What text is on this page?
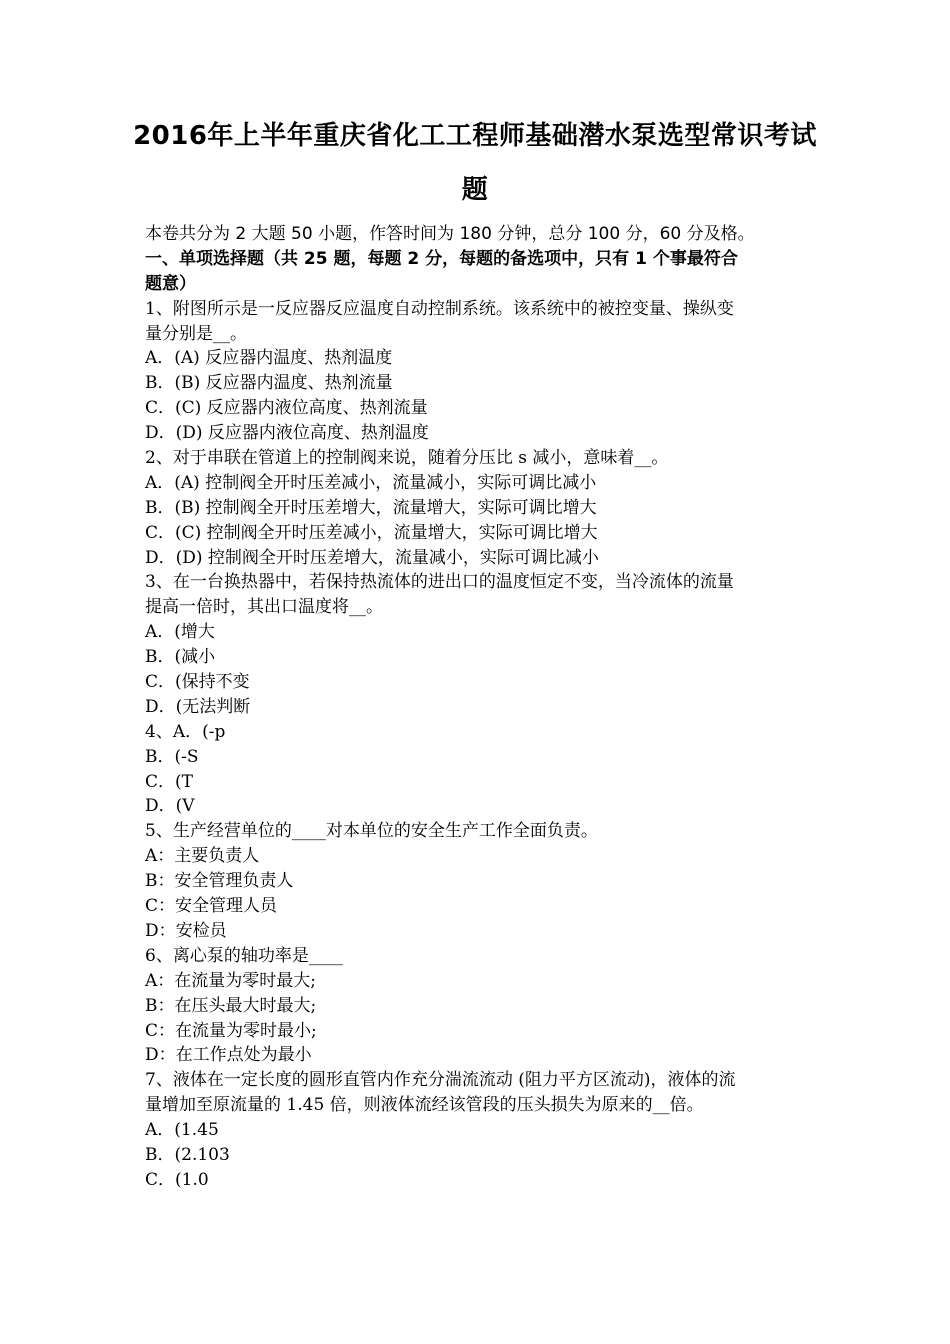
2016年上半年重庆省化工工程师基础潜水泵选型常识考试
题
本卷共分为 2 大题 50 小题，作答时间为 180 分钟，总分 100 分，60 分及格。
一、单项选择题（共 25 题，每题 2 分，每题的备选项中，只有 1 个事最符合
题意）
1、附图所示是一反应器反应温度自动控制系统。该系统中的被控变量、操纵变
量分别是__。
A．(A) 反应器内温度、热剂温度
B．(B) 反应器内温度、热剂流量
C．(C) 反应器内液位高度、热剂流量
D．(D) 反应器内液位高度、热剂温度
2、对于串联在管道上的控制阀来说，随着分压比 s 减小，意味着__。
A．(A) 控制阀全开时压差减小，流量减小，实际可调比减小
B．(B) 控制阀全开时压差增大，流量增大，实际可调比增大
C．(C) 控制阀全开时压差减小，流量增大，实际可调比增大
D．(D) 控制阀全开时压差增大，流量减小，实际可调比减小
3、在一台换热器中，若保持热流体的进出口的温度恒定不变，当冷流体的流量
提高一倍时，其出口温度将__。
A．(增大
B．(减小
C．(保持不变
D．(无法判断
4、A．(-p
B．(-S
C．(T
D．(V
5、生产经营单位的____对本单位的安全生产工作全面负责。
A：主要负责人
B：安全管理负责人
C：安全管理人员
D：安检员
6、离心泵的轴功率是____
A：在流量为零时最大;
B：在压头最大时最大;
C：在流量为零时最小;
D：在工作点处为最小
7、液体在一定长度的圆形直管内作充分湍流流动 (阻力平方区流动)，液体的流
量增加至原流量的 1.45 倍，则液体流经该管段的压头损失为原来的__倍。
A．(1.45
B．(2.103
C．(1.0
